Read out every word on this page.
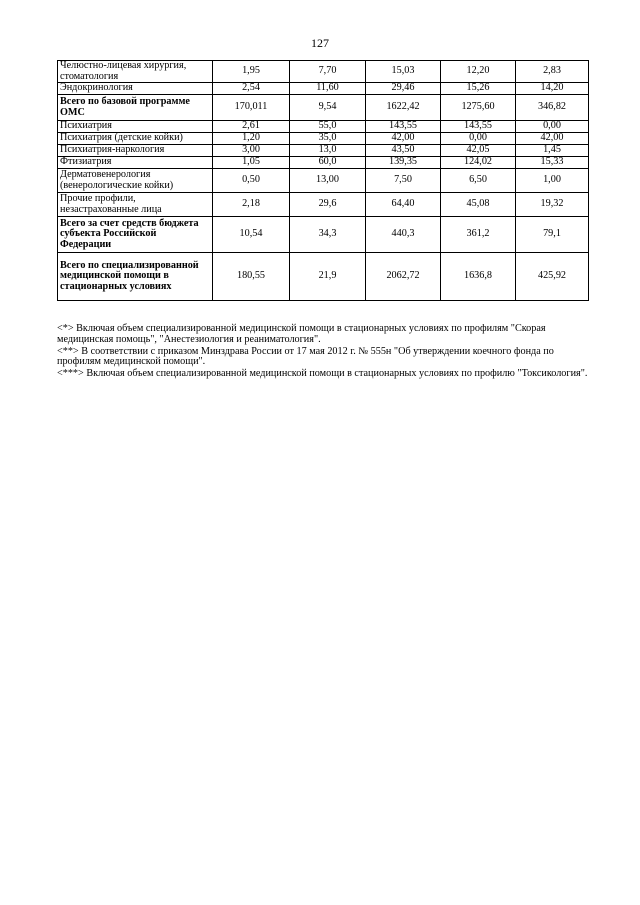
127
Челюстно-лицевая хирургия, стоматология	1,95	7,70	15,03	12,20	2,83
Эндокринология	2,54	11,60	29,46	15,26	14,20
Всего по базовой программе ОМС	170,011	9,54	1622,42	1275,60	346,82
Психиатрия	2,61	55,0	143,55	143,55	0,00
Психиатрия (детские койки)	1,20	35,0	42,00	0,00	42,00
Психиатрия-наркология	3,00	13,0	43,50	42,05	1,45
Фтизиатрия	1,05	60,0	139,35	124,02	15,33
Дерматовенерология (венерологические койки)	0,50	13,00	7,50	6,50	1,00
Прочие профили, незастрахованные лица	2,18	29,6	64,40	45,08	19,32
Всего за счет средств бюджета субъекта Российской Федерации	10,54	34,3	440,3	361,2	79,1
Всего по специализированной медицинской помощи в стационарных условиях	180,55	21,9	2062,72	1636,8	425,92

<*> Включая объем специализированной медицинской помощи в стационарных условиях по профилям "Скорая медицинская помощь", "Анестезиология и реаниматология".

<**> В соответствии с приказом Минздрава России от 17 мая 2012 г. № 555н "Об утверждении коечного фонда по профилям медицинской помощи".

<***> Включая объем специализированной медицинской помощи в стационарных условиях по профилю "Токсикология".
